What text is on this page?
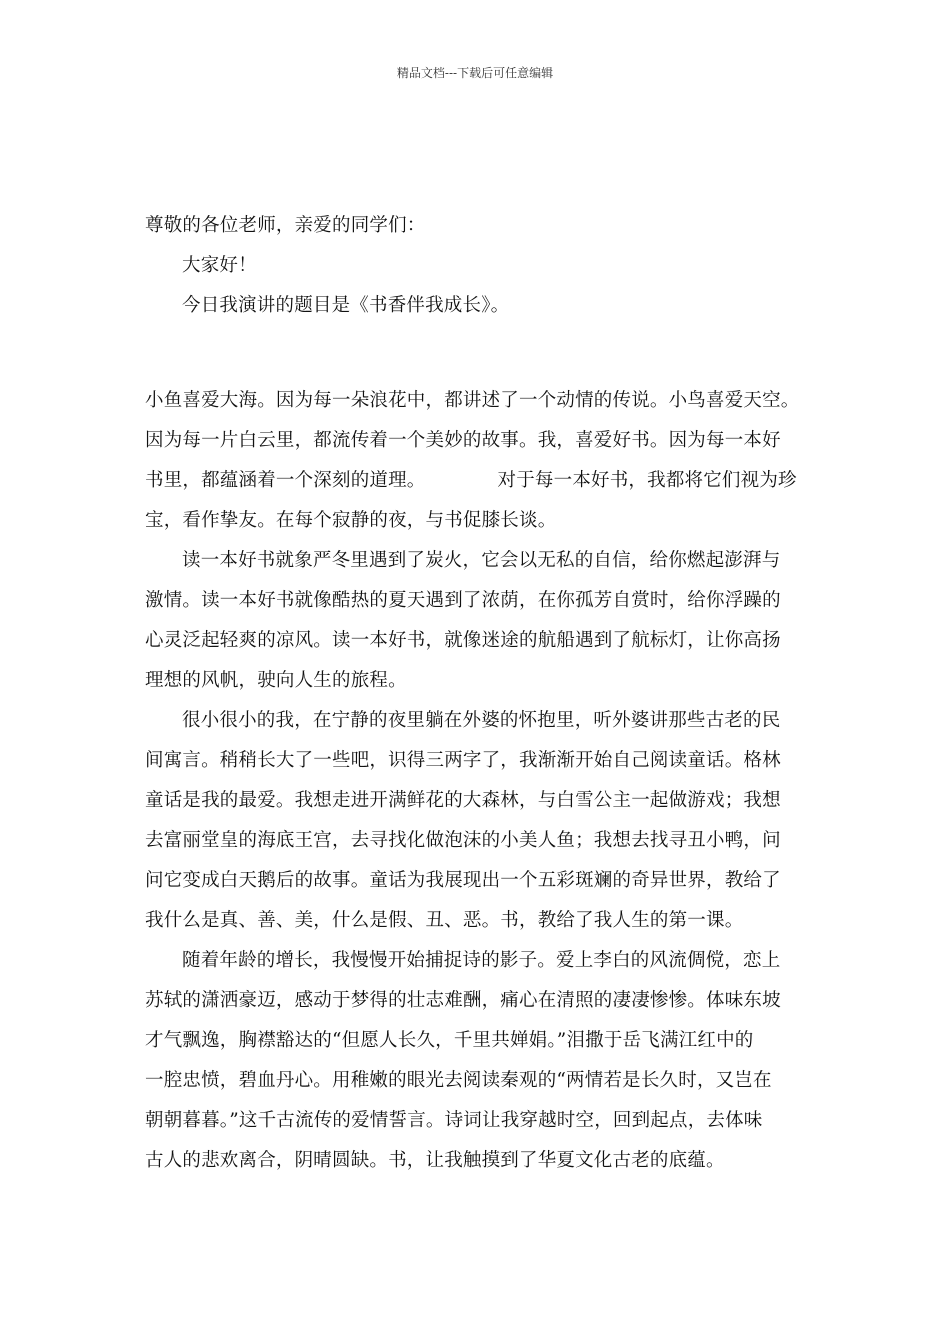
精品文档---下载后可任意编辑
尊敬的各位老师，亲爱的同学们：
大家好！
今日我演讲的题目是《书香伴我成长》。
小鱼喜爱大海。因为每一朵浪花中，都讲述了一个动情的传说。小鸟喜爱天空。
因为每一片白云里，都流传着一个美妙的故事。我，喜爱好书。因为每一本好
书里，都蕴涵着一个深刻的道理。	对于每一本好书，我都将它们视为珍
宝，看作挚友。在每个寂静的夜，与书促膝长谈。
读一本好书就象严冬里遇到了炭火，它会以无私的自信，给你燃起澎湃与
激情。读一本好书就像酷热的夏天遇到了浓荫，在你孤芳自赏时，给你浮躁的
心灵泛起轻爽的凉风。读一本好书，就像迷途的航船遇到了航标灯，让你高扬
理想的风帆，驶向人生的旅程。
很小很小的我，在宁静的夜里躺在外婆的怀抱里，听外婆讲那些古老的民
间寓言。稍稍长大了一些吧，识得三两字了，我渐渐开始自己阅读童话。格林
童话是我的最爱。我想走进开满鲜花的大森林，与白雪公主一起做游戏；我想
去富丽堂皇的海底王宫，去寻找化做泡沫的小美人鱼；我想去找寻丑小鸭，问
问它变成白天鹅后的故事。童话为我展现出一个五彩斑斓的奇异世界，教给了
我什么是真、善、美，什么是假、丑、恶。书，教给了我人生的第一课。
随着年龄的增长，我慢慢开始捕捉诗的影子。爱上李白的风流倜傥，恋上
苏轼的潇洒豪迈，感动于梦得的壮志难酬，痛心在清照的凄凄惨惨。体味东坡
才气飘逸，胸襟豁达的“但愿人长久，千里共婵娟。”泪撒于岳飞满江红中的
一腔忠愤，碧血丹心。用稚嫩的眼光去阅读秦观的“两情若是长久时，又岂在
朝朝暮暮。”这千古流传的爱情誓言。诗词让我穿越时空，回到起点，去体味
古人的悲欢离合，阴晴圆缺。书，让我触摸到了华夏文化古老的底蕴。
